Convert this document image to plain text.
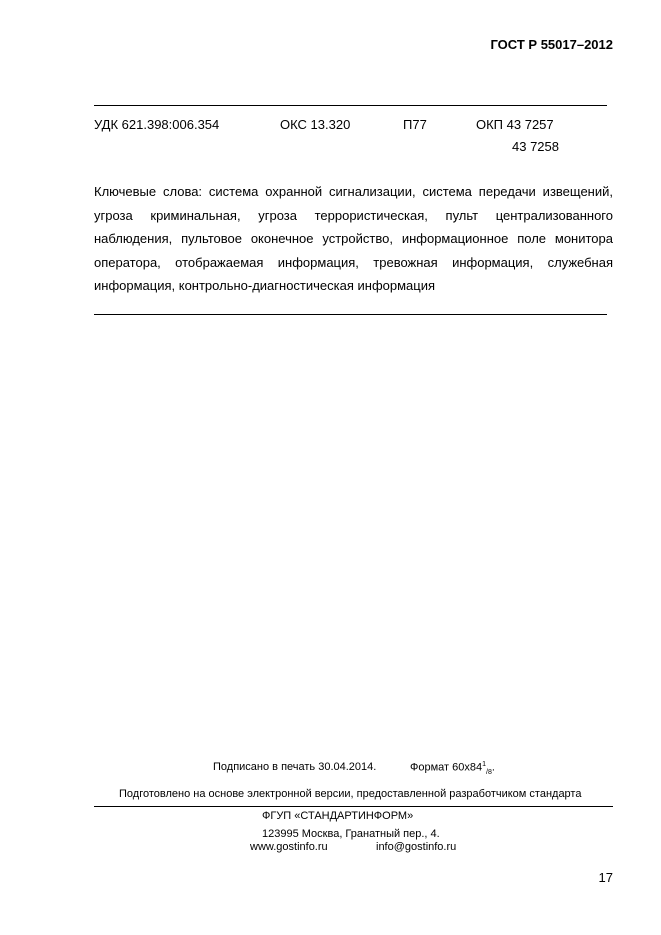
ГОСТ Р 55017–2012
УДК 621.398:006.354	ОКС 13.320	П77	ОКП 43 7257
43 7258
Ключевые слова: система охранной сигнализации, система передачи извещений,
угроза криминальная, угроза террористическая, пульт централизованного
наблюдения, пультовое оконечное устройство, информационное поле монитора
оператора, отображаемая информация, тревожная информация, служебная
информация, контрольно-диагностическая информация
Подписано в печать 30.04.2014.	Формат $60х84^1_{/8}$.
Подготовлено на основе электронной версии, предоставленной разработчиком стандарта
ФГУП «СТАНДАРТИНФОРМ»
123995 Москва, Гранатный пер., 4.
www.gostinfo.ru	info@gostinfo.ru
17
